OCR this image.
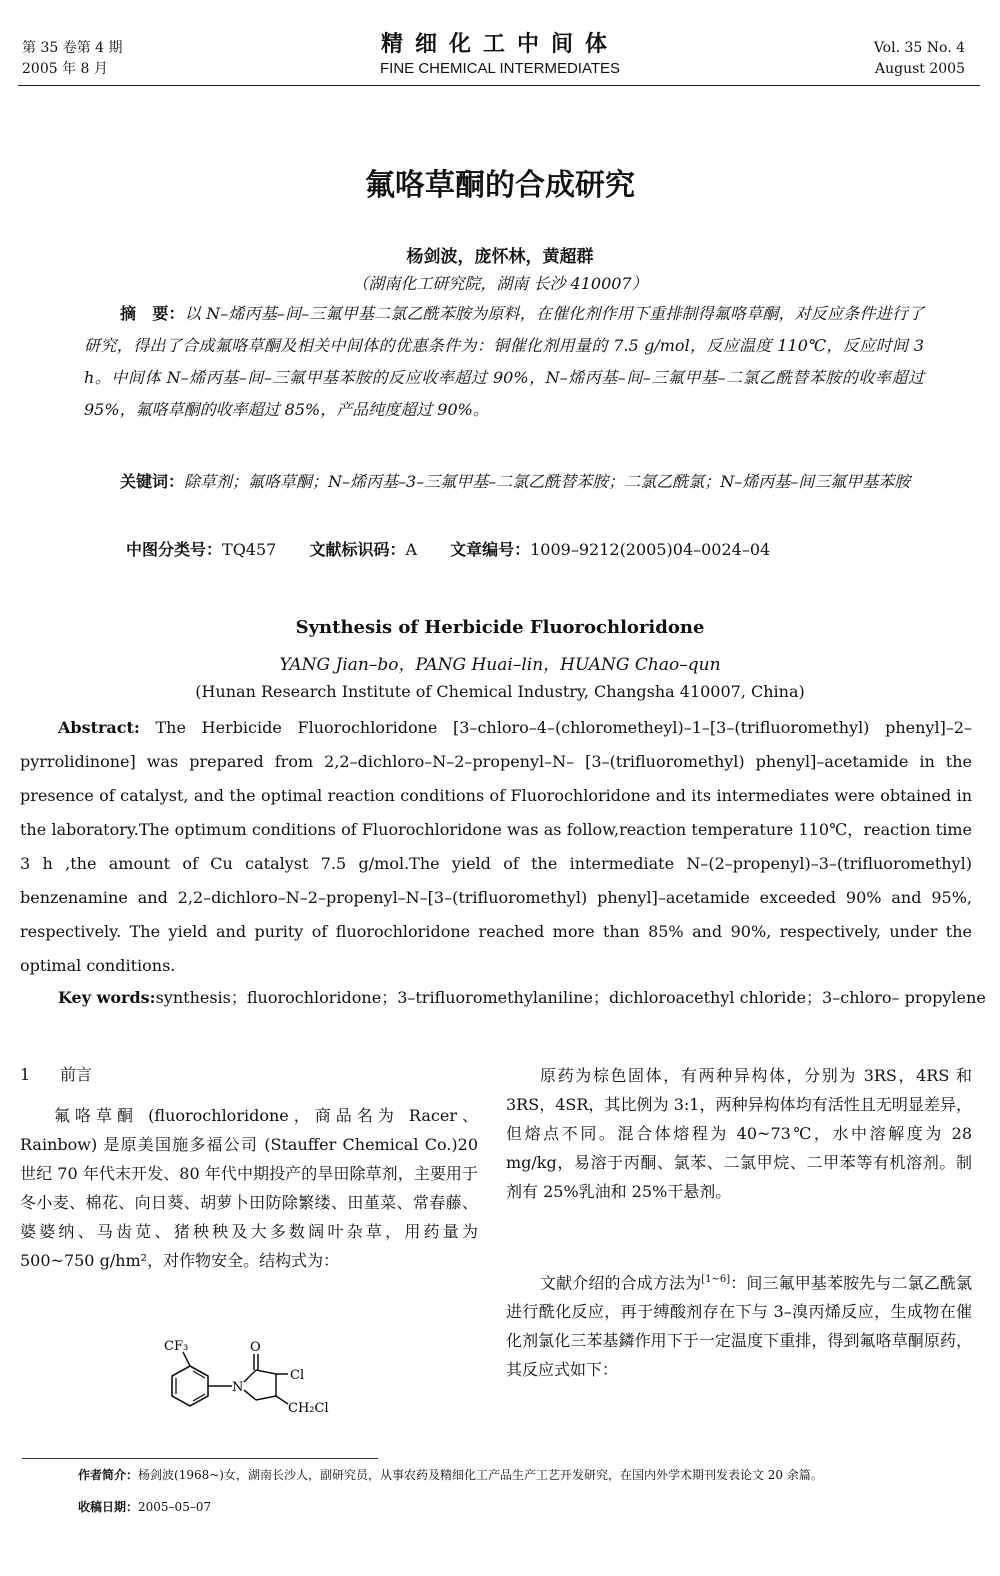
第 35 卷第 4 期
2005 年 8 月
精细化工中间体
FINE CHEMICAL INTERMEDIATES
Vol. 35 No. 4
August 2005
氟咯草酮的合成研究
杨剑波，庞怀林，黄超群
（湖南化工研究院，湖南 长沙 410007）
摘　要：以 N–烯丙基–间–三氟甲基二氯乙酰苯胺为原料，在催化剂作用下重排制得氟咯草酮，对反应条件进行了研究，得出了合成氟咯草酮及相关中间体的优惠条件为：铜催化剂用量的 7.5 g/mol，反应温度 110℃，反应时间 3 h。中间体 N–烯丙基–间–三氟甲基苯胺的反应收率超过 90%，N–烯丙基–间–三氟甲基–二氯乙酰替苯胺的收率超过 95%，氟咯草酮的收率超过 85%，产品纯度超过 90%。
关键词：除草剂；氟咯草酮；N–烯丙基–3–三氟甲基–二氯乙酰替苯胺；二氯乙酰氯；N–烯丙基–间三氟甲基苯胺
中图分类号：TQ457 文献标识码：A 文章编号：1009–9212(2005)04–0024–04
Synthesis of Herbicide Fluorochloridone
YANG Jian–bo，PANG Huai–lin，HUANG Chao–qun
(Hunan Research Institute of Chemical Industry, Changsha 410007, China)
Abstract: The Herbicide Fluorochloridone [3–chloro–4–(chlorometheyl)–1–[3–(trifluoromethyl) phenyl]–2–pyrrolidinone] was prepared from 2,2–dichloro–N–2–propenyl–N– [3–(trifluoromethyl) phenyl]–acetamide in the presence of catalyst, and the optimal reaction conditions of Fluorochloridone and its intermediates were obtained in the laboratory.The optimum conditions of Fluorochloridone was as follow,reaction temperature 110℃，reaction time 3 h ,the amount of Cu catalyst 7.5 g/mol.The yield of the intermediate N–(2–propenyl)–3–(trifluoromethyl) benzenamine and 2,2–dichloro–N–2–propenyl–N–[3–(trifluoromethyl) phenyl]–acetamide exceeded 90% and 95%, respectively. The yield and purity of fluorochloridone reached more than 85% and 90%, respectively, under the optimal conditions.
Key words:synthesis；fluorochloridone；3–trifluoromethylaniline；dichloroacethyl chloride；3–chloro– propylene
1 前言
氟咯草酮 (fluorochloridone，商品名为 Racer、Rainbow) 是原美国施多福公司 (Stauffer Chemical Co.)20 世纪 70 年代末开发、80 年代中期投产的旱田除草剂，主要用于冬小麦、棉花、向日葵、胡萝卜田防除繁缕、田堇菜、常春藤、婆婆纳、马齿苋、猪秧秧及大多数阔叶杂草，用药量为 500~750 g/hm²，对作物安全。结构式为：
CF₃
N
O
Cl
CH₂Cl
原药为棕色固体，有两种异构体，分别为 3RS，4RS 和 3RS，4SR，其比例为 3:1，两种异构体均有活性且无明显差异，但熔点不同。混合体熔程为 40~73℃，水中溶解度为 28 mg/kg，易溶于丙酮、氯苯、二氯甲烷、二甲苯等有机溶剂。制剂有 25%乳油和 25%干悬剂。
文献介绍的合成方法为[1~6]：间三氟甲基苯胺先与二氯乙酰氯进行酰化反应，再于缚酸剂存在下与 3–溴丙烯反应，生成物在催化剂氯化三苯基鏻作用下于一定温度下重排，得到氟咯草酮原药，其反应式如下：
作者简介：杨剑波(1968~)女，湖南长沙人，副研究员，从事农药及精细化工产品生产工艺开发研究，在国内外学术期刊发表论文 20 余篇。
收稿日期：2005–05–07
